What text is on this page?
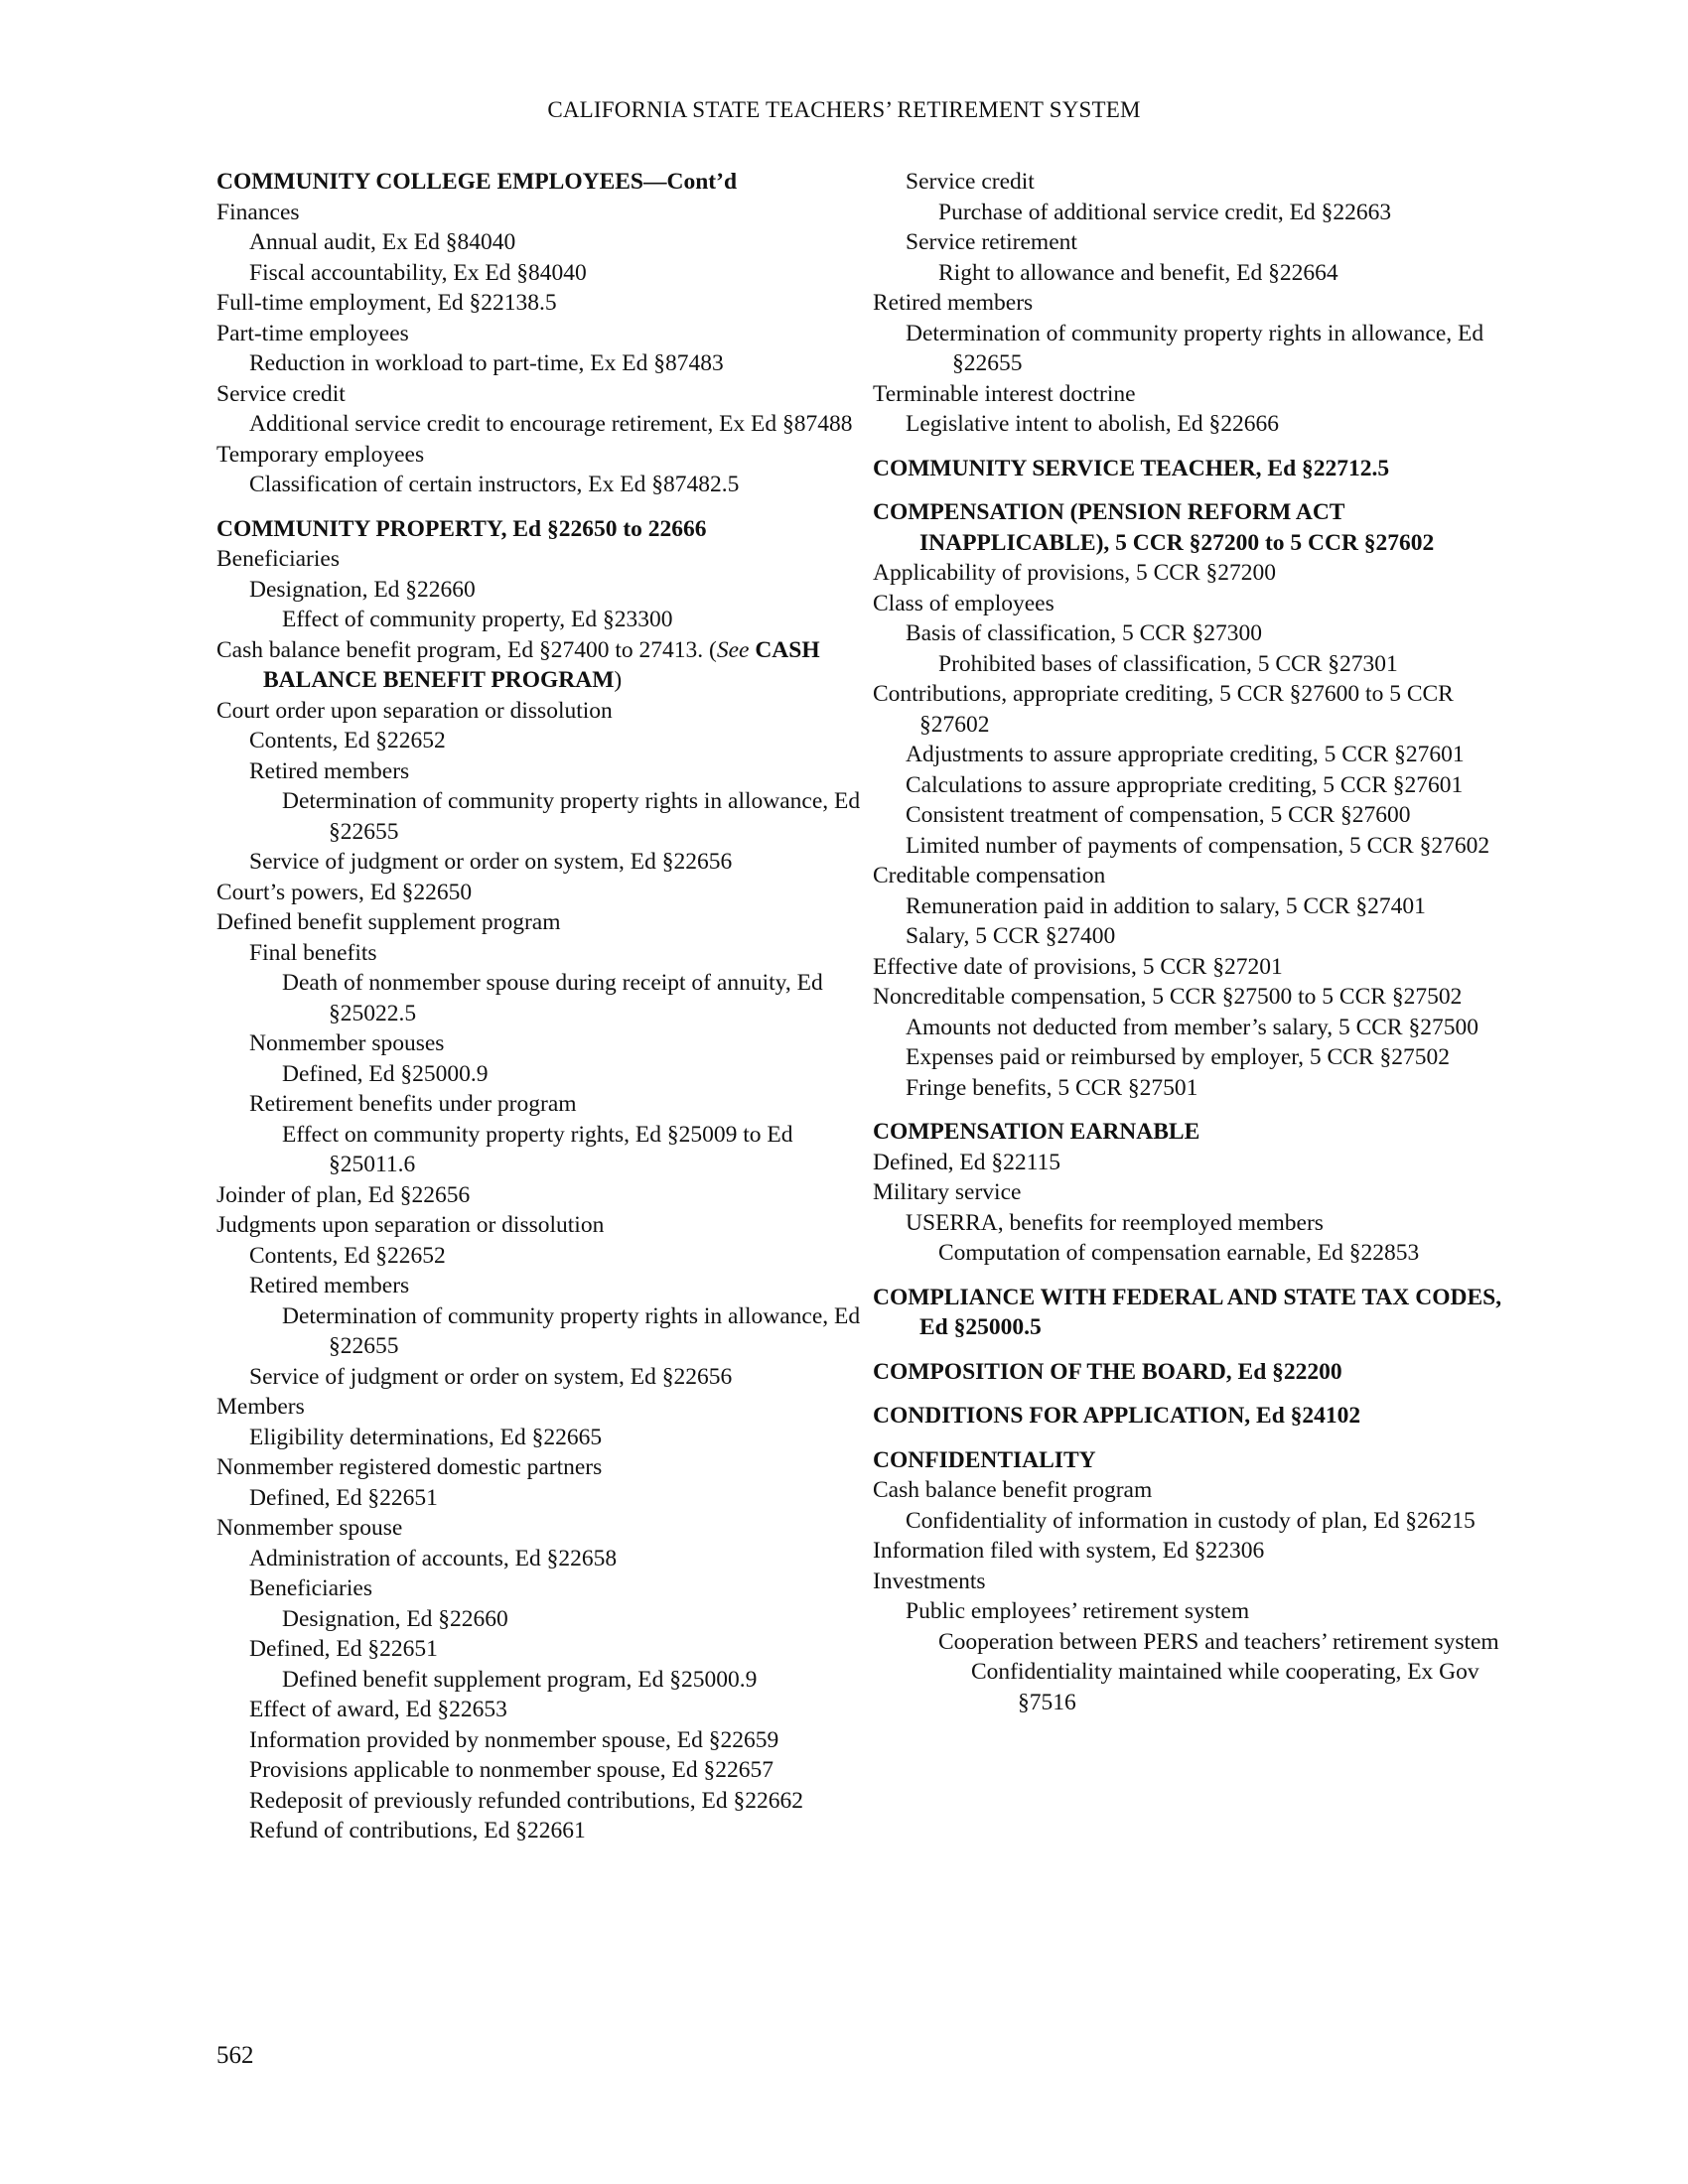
CALIFORNIA STATE TEACHERS’ RETIREMENT SYSTEM
COMMUNITY COLLEGE EMPLOYEES—Cont’d
Finances
Annual audit, Ex Ed §84040
Fiscal accountability, Ex Ed §84040
Full-time employment, Ed §22138.5
Part-time employees
Reduction in workload to part-time, Ex Ed §87483
Service credit
Additional service credit to encourage retirement, Ex Ed §87488
Temporary employees
Classification of certain instructors, Ex Ed §87482.5
COMMUNITY PROPERTY, Ed §22650 to 22666
Beneficiaries
Designation, Ed §22660
Effect of community property, Ed §23300
Cash balance benefit program, Ed §27400 to 27413. (See CASH BALANCE BENEFIT PROGRAM)
Court order upon separation or dissolution
Contents, Ed §22652
Retired members
Determination of community property rights in allowance, Ed §22655
Service of judgment or order on system, Ed §22656
Court’s powers, Ed §22650
Defined benefit supplement program
Final benefits
Death of nonmember spouse during receipt of annuity, Ed §25022.5
Nonmember spouses
Defined, Ed §25000.9
Retirement benefits under program
Effect on community property rights, Ed §25009 to Ed §25011.6
Joinder of plan, Ed §22656
Judgments upon separation or dissolution
Contents, Ed §22652
Retired members
Determination of community property rights in allowance, Ed §22655
Service of judgment or order on system, Ed §22656
Members
Eligibility determinations, Ed §22665
Nonmember registered domestic partners
Defined, Ed §22651
Nonmember spouse
Administration of accounts, Ed §22658
Beneficiaries
Designation, Ed §22660
Defined, Ed §22651
Defined benefit supplement program, Ed §25000.9
Effect of award, Ed §22653
Information provided by nonmember spouse, Ed §22659
Provisions applicable to nonmember spouse, Ed §22657
Redeposit of previously refunded contributions, Ed §22662
Refund of contributions, Ed §22661
Service credit
Purchase of additional service credit, Ed §22663
Service retirement
Right to allowance and benefit, Ed §22664
Retired members
Determination of community property rights in allowance, Ed §22655
Terminable interest doctrine
Legislative intent to abolish, Ed §22666
COMMUNITY SERVICE TEACHER, Ed §22712.5
COMPENSATION (PENSION REFORM ACT INAPPLICABLE), 5 CCR §27200 to 5 CCR §27602
Applicability of provisions, 5 CCR §27200
Class of employees
Basis of classification, 5 CCR §27300
Prohibited bases of classification, 5 CCR §27301
Contributions, appropriate crediting, 5 CCR §27600 to 5 CCR §27602
Adjustments to assure appropriate crediting, 5 CCR §27601
Calculations to assure appropriate crediting, 5 CCR §27601
Consistent treatment of compensation, 5 CCR §27600
Limited number of payments of compensation, 5 CCR §27602
Creditable compensation
Remuneration paid in addition to salary, 5 CCR §27401
Salary, 5 CCR §27400
Effective date of provisions, 5 CCR §27201
Noncreditable compensation, 5 CCR §27500 to 5 CCR §27502
Amounts not deducted from member’s salary, 5 CCR §27500
Expenses paid or reimbursed by employer, 5 CCR §27502
Fringe benefits, 5 CCR §27501
COMPENSATION EARNABLE
Defined, Ed §22115
Military service
USERRA, benefits for reemployed members
Computation of compensation earnable, Ed §22853
COMPLIANCE WITH FEDERAL AND STATE TAX CODES, Ed §25000.5
COMPOSITION OF THE BOARD, Ed §22200
CONDITIONS FOR APPLICATION, Ed §24102
CONFIDENTIALITY
Cash balance benefit program
Confidentiality of information in custody of plan, Ed §26215
Information filed with system, Ed §22306
Investments
Public employees’ retirement system
Cooperation between PERS and teachers’ retirement system
Confidentiality maintained while cooperating, Ex Gov §7516
562
